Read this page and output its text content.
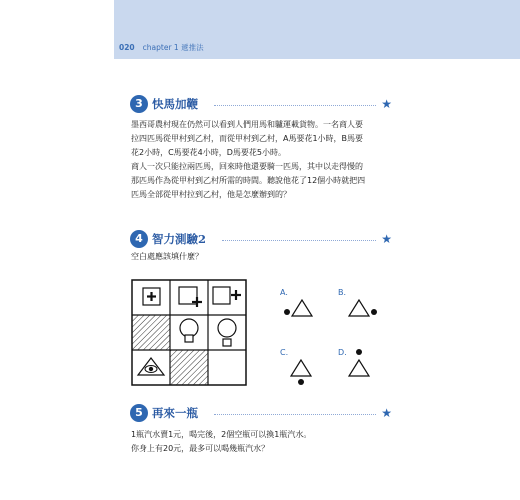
020 chapter 1 遞推法
3 快馬加鞭	★
墨西哥農村現在仍然可以看到人們用馬和驢運載貨物。一名商人要
拉四匹馬從甲村到乙村，而從甲村到乙村，A馬要花1小時，B馬要
花2小時，C馬要花4小時，D馬要花5小時。
商人一次只能拉兩匹馬，回來時他還要騎一匹馬，其中以走得慢的
那匹馬作為從甲村到乙村所需的時間。聽說他花了12個小時就把四
匹馬全部從甲村拉到乙村，他是怎麼辦到的？
4 智力測驗2	★
空白處應該填什麼？
A.	B.
C.	D.
5 再來一瓶	★
1瓶汽水賣1元，喝完後，2個空瓶可以換1瓶汽水。
你身上有20元，最多可以喝幾瓶汽水？
